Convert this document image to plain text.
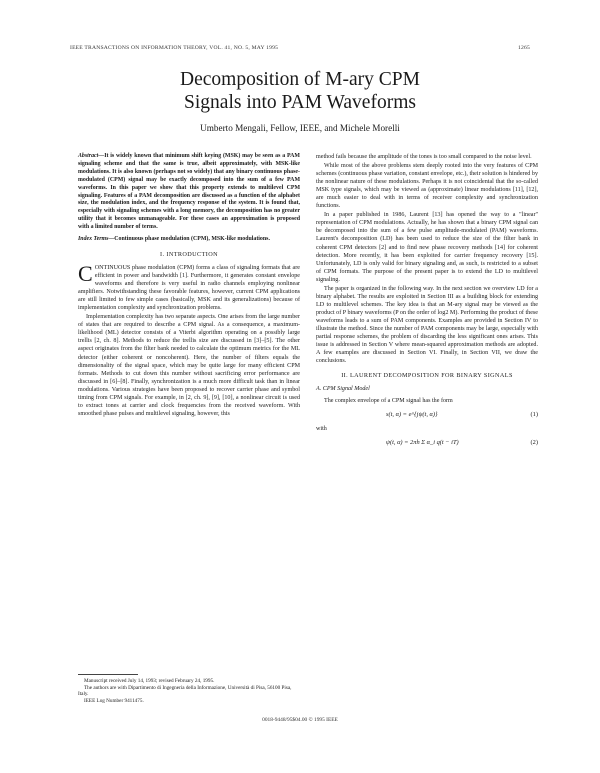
IEEE TRANSACTIONS ON INFORMATION THEORY, VOL. 41, NO. 5, MAY 1995	1265
Decomposition of M-ary CPM
Signals into PAM Waveforms
Umberto Mengali, Fellow, IEEE, and Michele Morelli

Abstract—It is widely known that minimum shift keying (MSK) may be seen as a PAM signaling scheme and that the same is true, albeit approximately, with MSK-like modulations. It is also known (perhaps not so widely) that any binary continuous phase-modulated (CPM) signal may be exactly decomposed into the sum of a few PAM waveforms. In this paper we show that this property extends to multilevel CPM signaling. Features of a PAM decomposition are discussed as a function of the alphabet size, the modulation index, and the frequency response of the system. It is found that, especially with signaling schemes with a long memory, the decomposition has no greater utility that it becomes unmanageable. For these cases an approximation is proposed with a limited number of terms.

Index Terms—Continuous phase modulation (CPM), MSK-like modulations.

I. INTRODUCTION

CONTINUOUS phase modulation (CPM) forms a class of signaling formats that are efficient in power and bandwidth [1]. Furthermore, it generates constant envelope waveforms and therefore is very useful in radio channels employing nonlinear amplifiers. Notwithstanding these favorable features, however, current CPM applications are still limited to few simple cases (basically, MSK and its generalizations) because of implementation complexity and synchronization problems.

Implementation complexity has two separate aspects. One arises from the large number of states that are required to describe a CPM signal. As a consequence, a maximum-likelihood (ML) detector consists of a Viterbi algorithm operating on a possibly large trellis [2, ch. 8]. Methods to reduce the trellis size are discussed in [3]–[5]. The other aspect originates from the filter bank needed to calculate the optimum metrics for the ML detector (either coherent or noncoherent). Here, the number of filters equals the dimensionality of the signal space, which may be quite large for many efficient CPM formats. Methods to cut down this number without sacrificing error performance are discussed in [6]–[8]. Finally, synchronization is a much more difficult task than in linear modulations. Various strategies have been proposed to recover carrier phase and symbol timing from CPM signals. For example, in [2, ch. 9], [9], [10], a nonlinear circuit is used to extract tones at carrier and clock frequencies from the received waveform. With smoothed phase pulses and multilevel signaling, however, this

method fails because the amplitude of the tones is too small compared to the noise level.

While most of the above problems stem deeply rooted into the very features of CPM schemes (continuous phase variation, constant envelope, etc.), their solution is hindered by the nonlinear nature of these modulations. Perhaps it is not coincidental that the so-called MSK type signals, which may be viewed as (approximate) linear modulations [11], [12], are much easier to deal with in terms of receiver complexity and synchronization functions.

In a paper published in 1986, Laurent [13] has opened the way to a "linear" representation of CPM modulations. Actually, he has shown that a binary CPM signal can be decomposed into the sum of a few pulse amplitude-modulated (PAM) waveforms. Laurent's decomposition (LD) has been used to reduce the size of the filter bank in coherent CPM detectors [2] and to find new phase recovery methods [14] for coherent detection. More recently, it has been exploited for carrier frequency recovery [15]. Unfortunately, LD is only valid for binary signaling and, as such, is restricted to a subset of CPM formats. The purpose of the present paper is to extend the LD to multilevel signaling.

The paper is organized in the following way. In the next section we overview LD for a binary alphabet. The results are exploited in Section III as a building block for extending LD to multilevel schemes. The key idea is that an M-ary signal may be viewed as the product of P binary waveforms (P on the order of log2 M). Performing the product of these waveforms leads to a sum of PAM components. Examples are provided in Section IV to illustrate the method. Since the number of PAM components may be large, especially with partial response schemes, the problem of discarding the less significant ones arises. This issue is addressed in Section V where mean-squared approximation methods are adopted. A few examples are discussed in Section VI. Finally, in Section VII, we draw the conclusions.

II. LAURENT DECOMPOSITION FOR BINARY SIGNALS
A. CPM Signal Model

The complex envelope of a CPM signal has the form

s(t, α) = e^{jψ(t, α)}	(1)

with

ψ(t, α) = 2πh Σ α_i q(t − iT)	(2)

Manuscript received July 14, 1993; revised February 24, 1995.

The authors are with Dipartimento di Ingegneria della Informazione, Università di Pisa, 56100 Pisa, Italy.

IEEE Log Number 9411475.

0018-9448/95$04.00 © 1995 IEEE
